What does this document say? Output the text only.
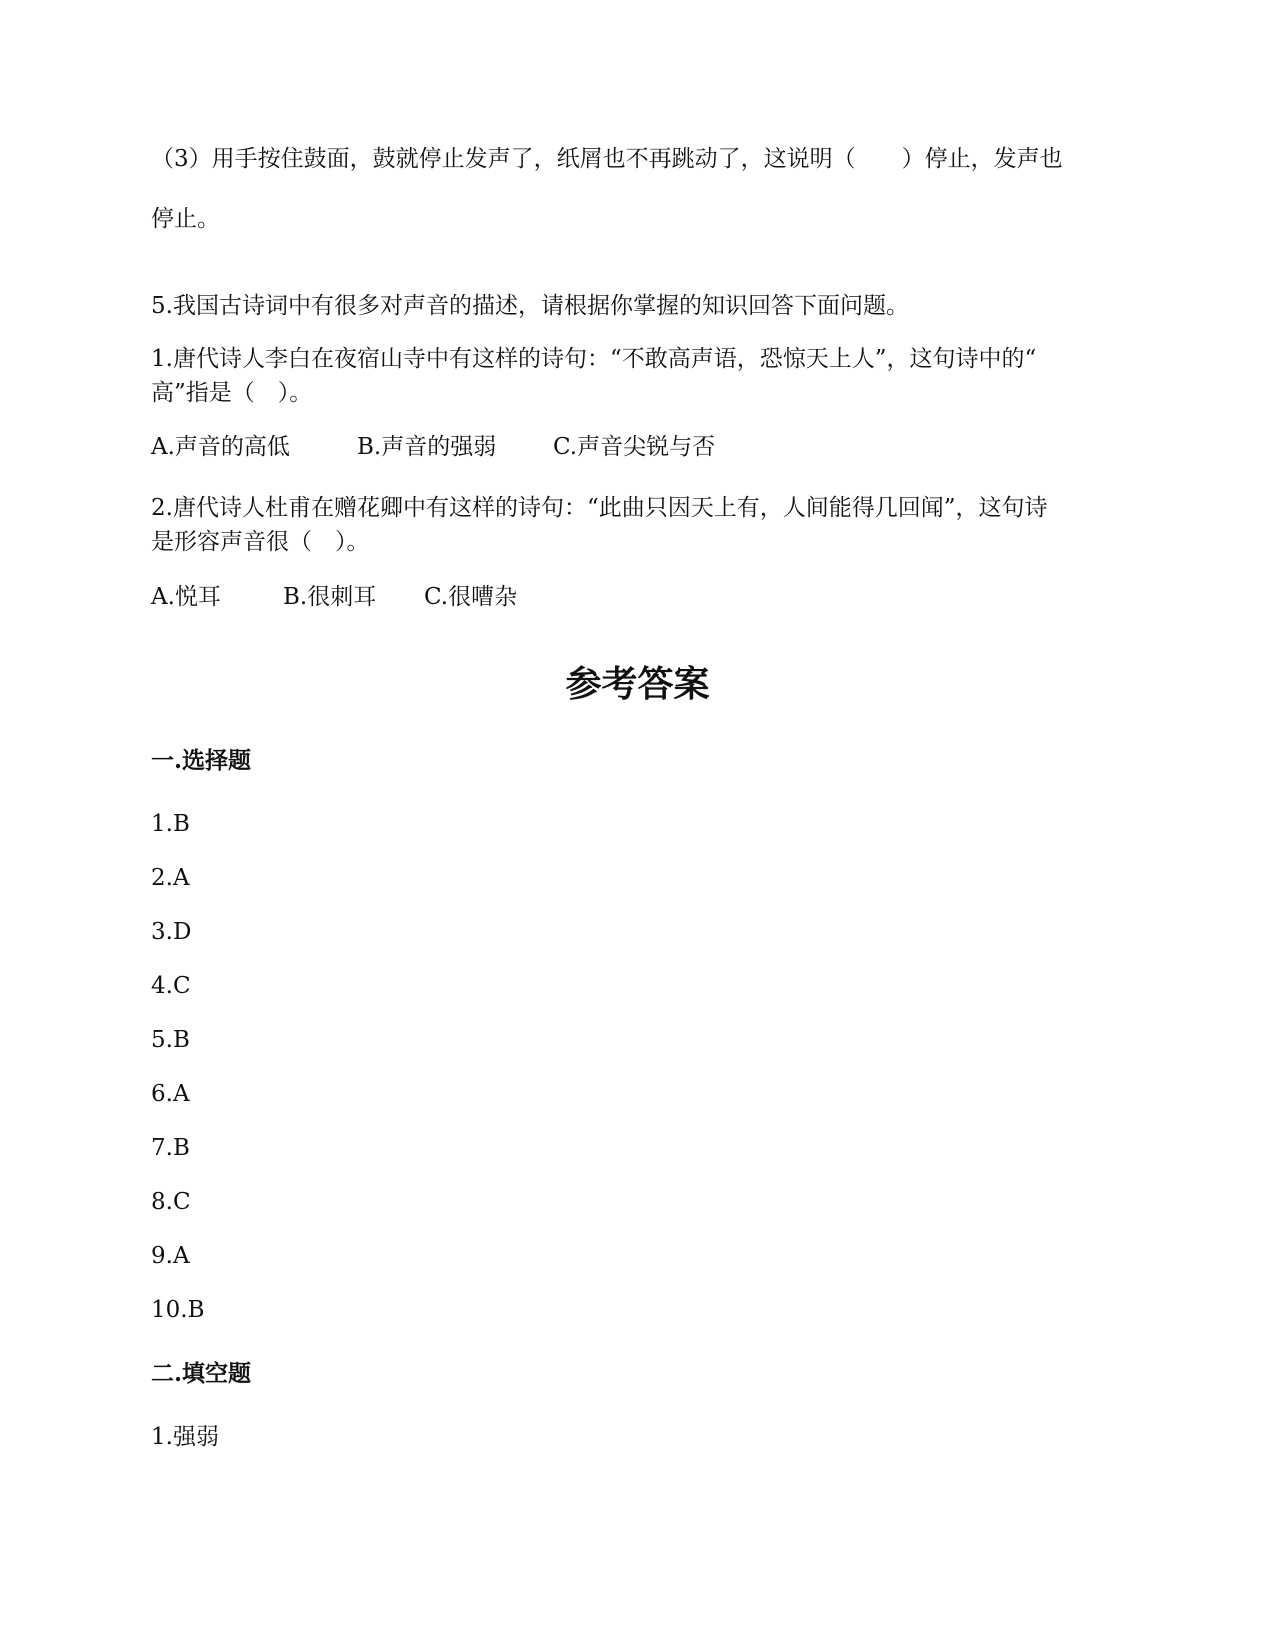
（3）用手按住鼓面，鼓就停止发声了，纸屑也不再跳动了，这说明（　　）停止，发声也
停止。
5.我国古诗词中有很多对声音的描述，请根据你掌握的知识回答下面问题。
1.唐代诗人李白在夜宿山寺中有这样的诗句：“不敢高声语，恐惊天上人”，这句诗中的“
高”指是（　）。
A.声音的高低	B.声音的强弱 C.声音尖锐与否
2.唐代诗人杜甫在赠花卿中有这样的诗句：“此曲只因天上有，人间能得几回闻”，这句诗
是形容声音很（　）。
A.悦耳	B.很刺耳 C.很嘈杂
参考答案
一.选择题
1.B
2.A
3.D
4.C
5.B
6.A
7.B
8.C
9.A
10.B
二.填空题
1.强弱
